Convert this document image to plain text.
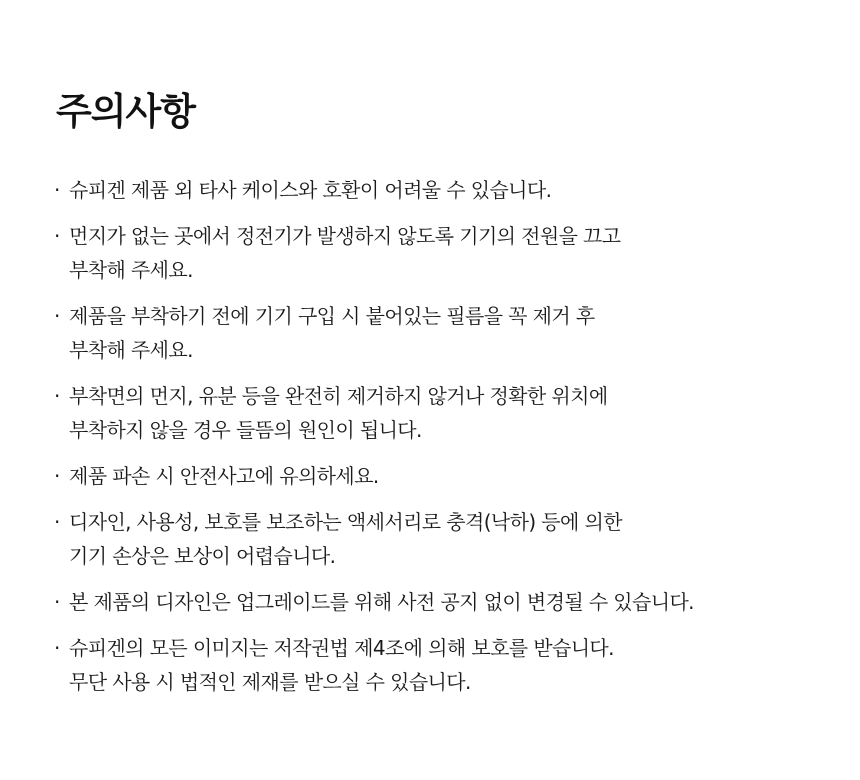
주의사항
· 슈피겐 제품 외 타사 케이스와 호환이 어려울 수 있습니다.
· 먼지가 없는 곳에서 정전기가 발생하지 않도록 기기의 전원을 끄고
부착해 주세요.
· 제품을 부착하기 전에 기기 구입 시 붙어있는 필름을 꼭 제거 후
부착해 주세요.
· 부착면의 먼지, 유분 등을 완전히 제거하지 않거나 정확한 위치에
부착하지 않을 경우 들뜸의 원인이 됩니다.
· 제품 파손 시 안전사고에 유의하세요.
· 디자인, 사용성, 보호를 보조하는 액세서리로 충격(낙하) 등에 의한
기기 손상은 보상이 어렵습니다.
· 본 제품의 디자인은 업그레이드를 위해 사전 공지 없이 변경될 수 있습니다.
· 슈피겐의 모든 이미지는 저작권법 제4조에 의해 보호를 받습니다.
무단 사용 시 법적인 제재를 받으실 수 있습니다.
